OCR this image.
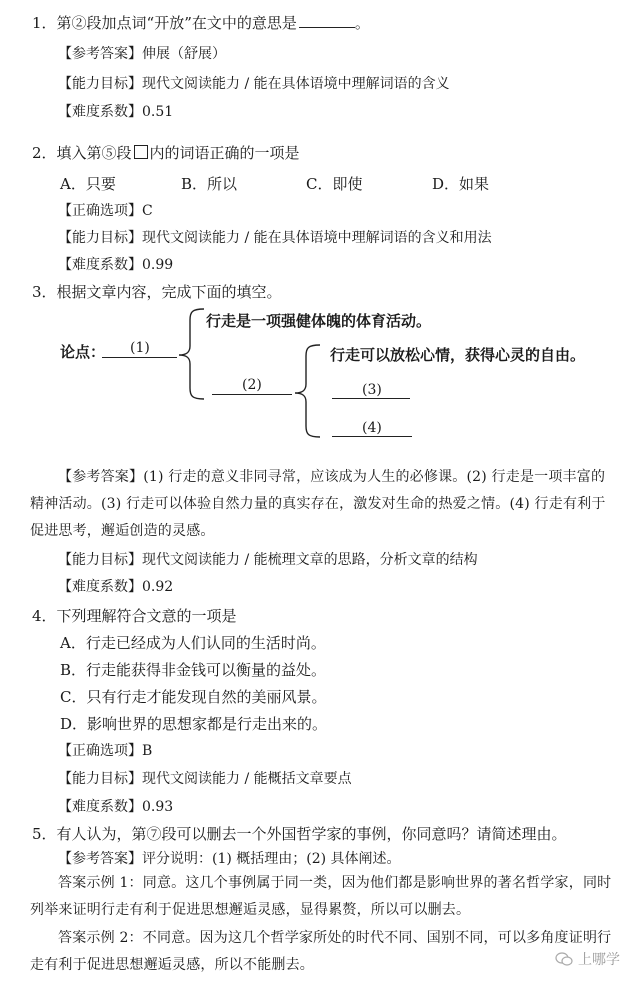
1．第②段加点词“开放”在文中的意思是	。
【参考答案】伸展（舒展）
【能力目标】现代文阅读能力 / 能在具体语境中理解词语的含义
【难度系数】0.51
2．填入第⑤段 内的词语正确的一项是
A．只要	B．所以	C．即使	D．如果
【正确选项】C
【能力目标】现代文阅读能力 / 能在具体语境中理解词语的含义和用法
【难度系数】0.99
3．根据文章内容，完成下面的填空。
论点： (1)
行走是一项强健体魄的体育活动。
(2)
行走可以放松心情，获得心灵的自由。
(3)
(4)
【参考答案】(1) 行走的意义非同寻常，应该成为人生的必修课。(2) 行走是一项丰富的精神活动。(3) 行走可以体验自然力量的真实存在，激发对生命的热爱之情。(4) 行走有利于促进思考，邂逅创造的灵感。
【能力目标】现代文阅读能力 / 能梳理文章的思路，分析文章的结构
【难度系数】0.92
4．下列理解符合文意的一项是
A．行走已经成为人们认同的生活时尚。
B．行走能获得非金钱可以衡量的益处。
C．只有行走才能发现自然的美丽风景。
D．影响世界的思想家都是行走出来的。
【正确选项】B
【能力目标】现代文阅读能力 / 能概括文章要点
【难度系数】0.93
5．有人认为，第⑦段可以删去一个外国哲学家的事例，你同意吗？请简述理由。
【参考答案】评分说明：(1) 概括理由；(2) 具体阐述。
答案示例 1：同意。这几个事例属于同一类，因为他们都是影响世界的著名哲学家，同时列举来证明行走有利于促进思想邂逅灵感，显得累赘，所以可以删去。
答案示例 2：不同意。因为这几个哲学家所处的时代不同、国别不同，可以多角度证明行走有利于促进思想邂逅灵感，所以不能删去。	上哪学
